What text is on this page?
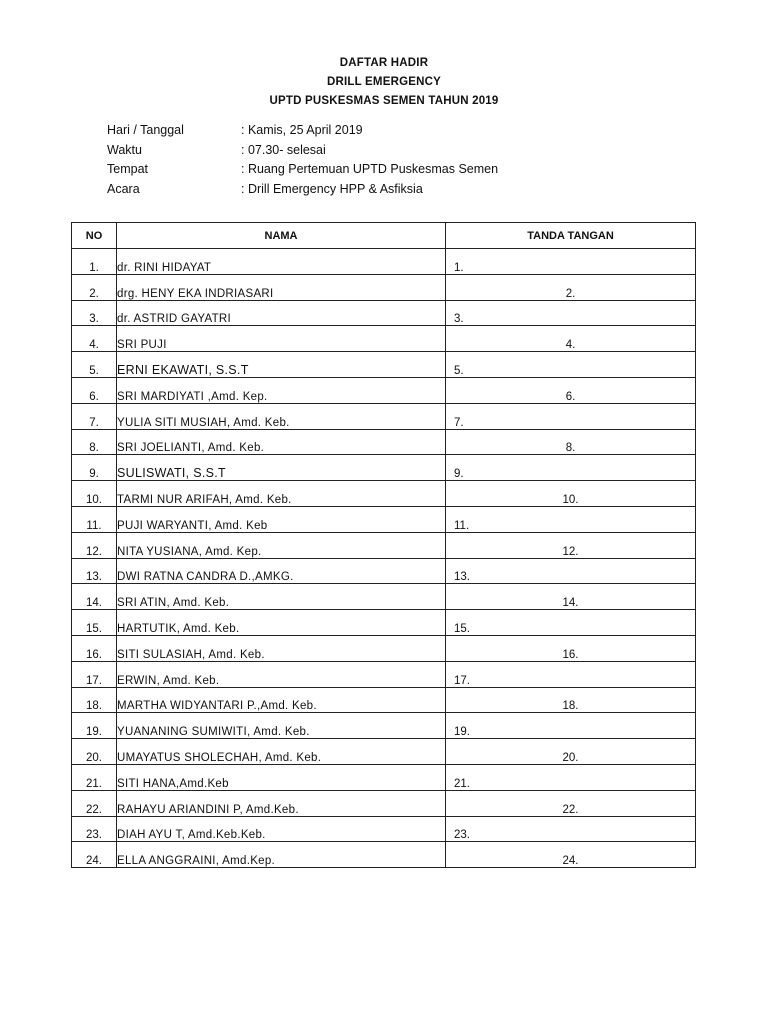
DAFTAR HADIR
DRILL EMERGENCY
UPTD PUSKESMAS SEMEN TAHUN 2019
Hari / Tanggal	: Kamis, 25 April 2019
Waktu	: 07.30- selesai
Tempat	: Ruang Pertemuan UPTD Puskesmas Semen
Acara	: Drill Emergency HPP & Asfiksia
NO	NAMA	TANDA TANGAN
1.	dr. RINI HIDAYAT	1.
2.	drg. HENY EKA INDRIASARI	2.
3.	dr. ASTRID GAYATRI	3.
4.	SRI PUJI	4.
5.	ERNI EKAWATI, S.S.T	5.
6.	SRI MARDIYATI ,Amd. Kep.	6.
7.	YULIA SITI MUSIAH, Amd. Keb.	7.
8.	SRI JOELIANTI, Amd. Keb.	8.
9.	SULISWATI, S.S.T	9.
10.	TARMI NUR ARIFAH, Amd. Keb.	10.
11.	PUJI WARYANTI, Amd. Keb	11.
12.	NITA YUSIANA, Amd. Kep.	12.
13.	DWI RATNA CANDRA D.,AMKG.	13.
14.	SRI ATIN, Amd. Keb.	14.
15.	HARTUTIK, Amd. Keb.	15.
16.	SITI SULASIAH, Amd. Keb.	16.
17.	ERWIN, Amd. Keb.	17.
18.	MARTHA WIDYANTARI P.,Amd. Keb.	18.
19.	YUANANING SUMIWITI, Amd. Keb.	19.
20.	UMAYATUS SHOLECHAH, Amd. Keb.	20.
21.	SITI HANA,Amd.Keb	21.
22.	RAHAYU ARIANDINI P, Amd.Keb.	22.
23.	DIAH AYU T, Amd.Keb.Keb.	23.
24.	ELLA ANGGRAINI, Amd.Kep.	24.
